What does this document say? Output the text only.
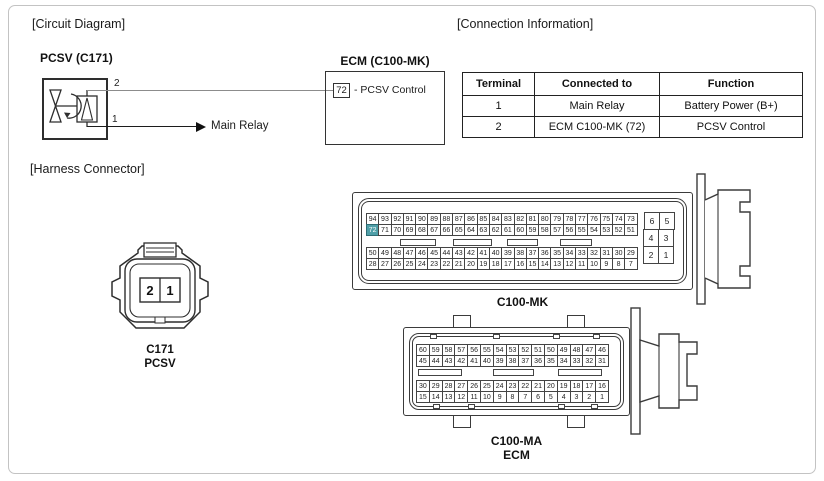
[Circuit Diagram]
PCSV (C171)
2
1
Main Relay
ECM (C100-MK)
72 - PCSV Control
[Connection Information]
Terminal	Connected to	Function
1	Main Relay	Battery Power (B+)
2	ECM C100-MK (72)	PCSV Control
[Harness Connector]
2 1
C171
PCSV
94 93 92 91 90 89 88 87 86 85 84 83 82 81 80 79 78 77 76 75 74 73
72 71 70 69 68 67 66 65 64 63 62 61 60 59 58 57 56 55 54 53 52 51
50 49 48 47 46 45 44 43 42 41 40 39 38 37 36 35 34 33 32 31 30 29
28 27 26 25 24 23 22 21 20 19 18 17 16 15 14 13 12 11 10 9	8	7
6	5
4	3
2	1
C100-MK
60 59 58 57 56 55 54 53 52 51 50 49 48 47 46
45 44 43 42 41 40 39 38 37 36 35 34 33 32 31
30 29 28 27 26 25 24 23 22 21 20 19 18 17 16
15 14 13 12 11 10 9	8	7	6	5	4	3	2	1
C100-MA
ECM
